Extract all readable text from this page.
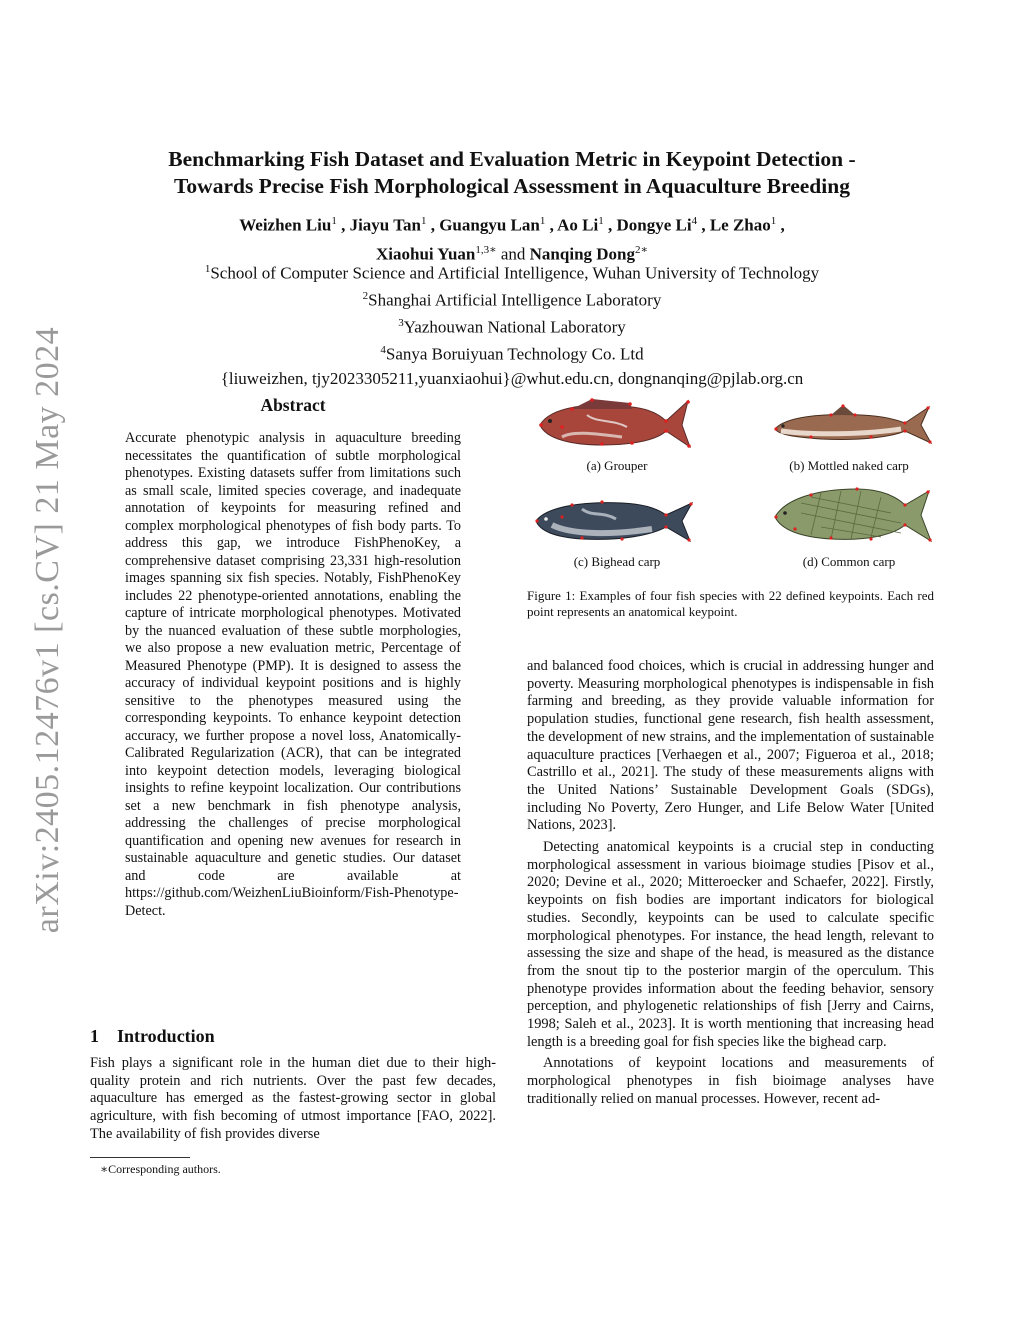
arXiv:2405.12476v1 [cs.CV] 21 May 2024
Benchmarking Fish Dataset and Evaluation Metric in Keypoint Detection -
Towards Precise Fish Morphological Assessment in Aquaculture Breeding
Weizhen Liu$^1$ , Jiayu Tan$^1$ , Guangyu Lan$^1$ , Ao Li$^1$ , Dongye Li$^4$ , Le Zhao$^1$ ,
Xiaohui Yuan$^{1,3∗}$ and Nanqing Dong$^{2∗}$
$^1$School of Computer Science and Artificial Intelligence, Wuhan University of Technology
$^2$Shanghai Artificial Intelligence Laboratory
$^3$Yazhouwan National Laboratory
$^4$Sanya Boruiyuan Technology Co. Ltd
{liuweizhen, tjy2023305211,yuanxiaohui}@whut.edu.cn, dongnanqing@pjlab.org.cn
Abstract
Accurate phenotypic analysis in aquaculture breeding necessitates the quantification of subtle morphological phenotypes. Existing datasets suffer from limitations such as small scale, limited species coverage, and inadequate annotation of keypoints for measuring refined and complex morphological phenotypes of fish body parts. To address this gap, we introduce FishPhenoKey, a comprehensive dataset comprising 23,331 high-resolution images spanning six fish species. Notably, FishPhenoKey includes 22 phenotype-oriented annotations, enabling the capture of intricate morphological phenotypes. Motivated by the nuanced evaluation of these subtle morphologies, we also propose a new evaluation metric, Percentage of Measured Phenotype (PMP). It is designed to assess the accuracy of individual keypoint positions and is highly sensitive to the phenotypes measured using the corresponding keypoints. To enhance keypoint detection accuracy, we further propose a novel loss, Anatomically-Calibrated Regularization (ACR), that can be integrated into keypoint detection models, leveraging biological insights to refine keypoint localization. Our contributions set a new benchmark in fish phenotype analysis, addressing the challenges of precise morphological quantification and opening new avenues for research in sustainable aquaculture and genetic studies. Our dataset and code are available at https://github.com/WeizhenLiuBioinform/Fish-Phenotype-Detect.
1 Introduction
Fish plays a significant role in the human diet due to their high-quality protein and rich nutrients. Over the past few decades, aquaculture has emerged as the fastest-growing sector in global agriculture, with fish becoming of utmost importance [FAO, 2022]. The availability of fish provides diverse
∗Corresponding authors.
(a) Grouper	(b) Mottled naked carp
(c) Bighead carp	(d) Common carp
Figure 1: Examples of four fish species with 22 defined keypoints. Each red point represents an anatomical keypoint.

and balanced food choices, which is crucial in addressing hunger and poverty. Measuring morphological phenotypes is indispensable in fish farming and breeding, as they provide valuable information for population studies, functional gene research, fish health assessment, the development of new strains, and the implementation of sustainable aquaculture practices [Verhaegen et al., 2007; Figueroa et al., 2018; Castrillo et al., 2021]. The study of these measurements aligns with the United Nations’ Sustainable Development Goals (SDGs), including No Poverty, Zero Hunger, and Life Below Water [United Nations, 2023].

Detecting anatomical keypoints is a crucial step in conducting morphological assessment in various bioimage studies [Pisov et al., 2020; Devine et al., 2020; Mitteroecker and Schaefer, 2022]. Firstly, keypoints on fish bodies are important indicators for biological studies. Secondly, keypoints can be used to calculate specific morphological phenotypes. For instance, the head length, relevant to assessing the size and shape of the head, is measured as the distance from the snout tip to the posterior margin of the operculum. This phenotype provides information about the feeding behavior, sensory perception, and phylogenetic relationships of fish [Jerry and Cairns, 1998; Saleh et al., 2023]. It is worth mentioning that increasing head length is a breeding goal for fish species like the bighead carp.

Annotations of keypoint locations and measurements of morphological phenotypes in fish bioimage analyses have traditionally relied on manual processes. However, recent ad-
